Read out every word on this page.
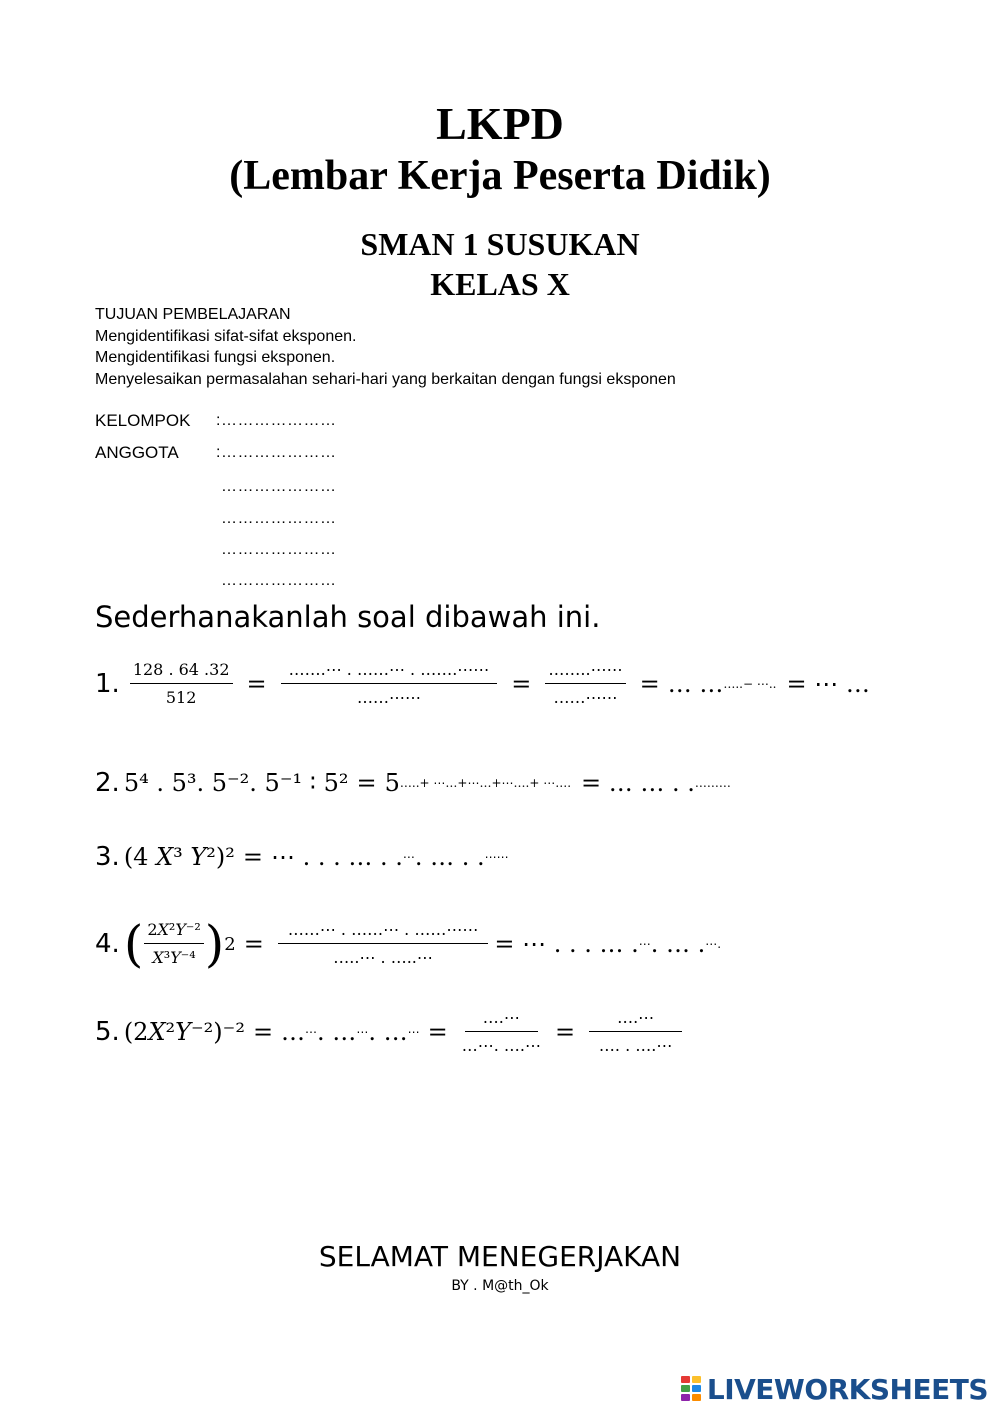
LKPD
(Lembar Kerja Peserta Didik)
SMAN 1 SUSUKAN
KELAS X
TUJUAN PEMBELAJARAN
Mengidentifikasi sifat-sifat eksponen.
Mengidentifikasi fungsi eksponen.
Menyelesaikan permasalahan sehari-hari yang berkaitan dengan fungsi eksponen
KELOMPOK :…………………
ANGGOTA :…………………
…………………
…………………
…………………
…………………
Sederhanakanlah soal dibawah ini.
1. $\frac{128 . 64 .32}{512} = \frac{\dots\dots.\cdots . \dots\dots\cdots . \dots\dots.\cdots\cdots}{\dots\dots\cdots\cdots} = \frac{\dots\dots..\cdots\cdots}{\dots\dots\cdots\cdots}$ = … … …..− ⋯.. = ⋯ …
2. 5⁴ . 5³. 5⁻². 5⁻¹ ∶ 5² = 5 …..+ ⋯…+⋯…+⋯….+ ⋯…. = … … . . ………
3. (4 𝑋³ 𝑌²)² = ⋯ . . . … . . ⋯ . … . . ⋯⋯
4. ( $\frac{\text{2𝑋²𝑌⁻²}}{\text{𝑋³𝑌⁻⁴}}$ ) $2 = \frac{\dots\dots\cdots . \dots\dots\cdots . \dots\dots\cdots\cdots}{\dots..\cdots . \dots..\cdots}$ = ⋯ . . . … . ⋯ . … . ⋯.
5. (2𝑋²𝑌⁻²)⁻² = … ⋯ . … ⋯ . … ⋯ = $\frac{\dots.\cdots}{\dots\cdots. \dots.\cdots} = \frac{\dots.\cdots}{\dots. . \dots.\cdots}$
SELAMAT MENEGERJAKAN
BY . M@th_Ok
LIVEWORKSHEETS
